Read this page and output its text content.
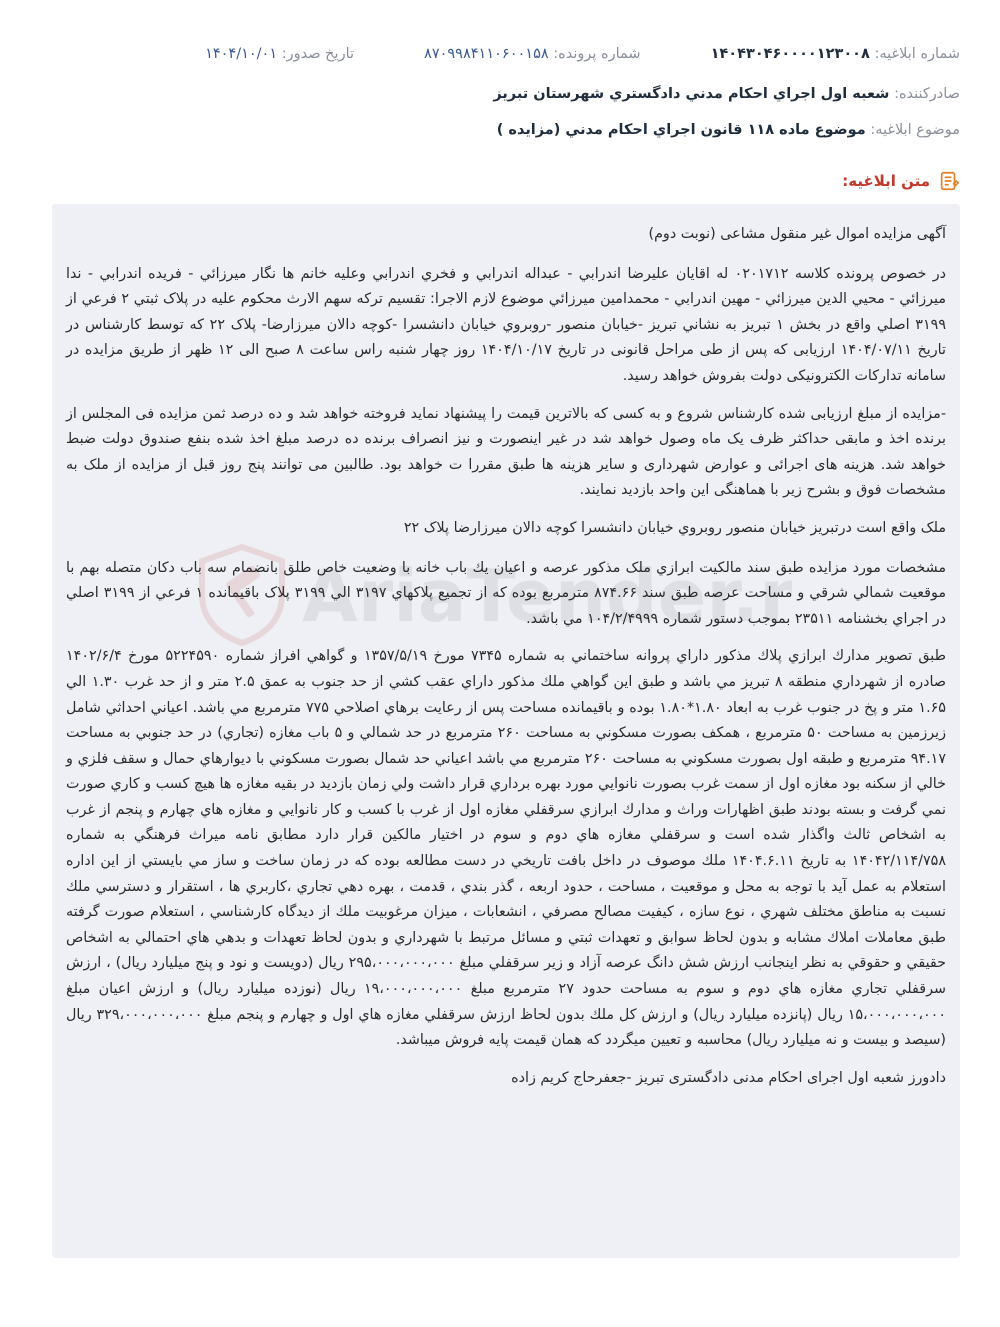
شماره ابلاغيه: ۱۴۰۴۳۰۴۶۰۰۰۰۱۲۳۰۰۸
شماره پرونده: ۸۷۰۹۹۸۴۱۱۰۶۰۰۱۵۸
تاريخ صدور: ۱۴۰۴/۱۰/۰۱
صادرکننده: شعبه اول اجراي احکام مدني دادگستري شهرستان تبريز
موضوع ابلاغيه: موضوع ماده ۱۱۸ قانون اجراي احکام مدني (مزايده )
متن ابلاغيه:
AriaTender.n

آگهی مزايده اموال غير منقول مشاعی (نوبت دوم)

در خصوص پرونده کلاسه ۰۲۰۱۷۱۲ له اقايان عليرضا اندرابي - عبداله اندرابي و فخري اندرابي وعليه خانم ها نگار ميرزائي - فريده اندرابي - ندا ميرزائي - محيي الدين ميرزائي - مهين اندرابي - محمدامين ميرزائي موضوع لازم الاجرا: تقسيم ترکه سهم الارث محکوم عليه در پلاک ثبتي ۲ فرعي از ۳۱۹۹ اصلي واقع در بخش ۱ تبريز به نشاني تبريز -خيابان منصور -روبروي خيابان دانشسرا -کوچه دالان ميرزارضا- پلاک ۲۲ که توسط کارشناس در تاريخ ۱۴۰۴/۰۷/۱۱ ارزيابی که پس از طی مراحل قانونی در تاريخ ۱۴۰۴/۱۰/۱۷ روز چهار شنبه راس ساعت ۸ صبح الی ۱۲ ظهر از طريق مزايده در سامانه تدارکات الکترونيکی دولت بفروش خواهد رسيد.

-مزايده از مبلغ ارزيابی شده کارشناس شروع و به کسی که بالاترين قيمت را پيشنهاد نمايد فروخته خواهد شد و ده درصد ثمن مزايده فی المجلس از برنده اخذ و مابقی حداکثر ظرف يک ماه وصول خواهد شد در غير اينصورت و نيز انصراف برنده ده درصد مبلغ اخذ شده بنفع صندوق دولت ضبط خواهد شد. هزينه های اجرائی و عوارض شهرداری و ساير هزينه ها طبق مقررا ت خواهد بود. طالبين می توانند پنج روز قبل از مزايده از ملک به مشخصات فوق و بشرح زير با هماهنگی اين واحد بازديد نمايند.

ملک واقع است درتبريز خيابان منصور روبروي خيابان دانشسرا کوچه دالان ميرزارضا پلاک ۲۲

مشخصات مورد مزايده طبق سند مالکيت ابرازي ملک مذکور عرصه و اعيان يك باب خانه با وضعيت خاص طلق بانضمام سه باب دکان متصله بهم با موقعيت شمالي شرقي و مساحت عرصه طبق سند ۸۷۴.۶۶ مترمربع بوده که از تجميع پلاکهاي ۳۱۹۷ الي ۳۱۹۹ پلاک باقيمانده ۱ فرعي از ۳۱۹۹ اصلي در اجراي بخشنامه ۲۳۵۱۱ بموجب دستور شماره ۱۰۴/۲/۴۹۹۹ مي باشد.

طبق تصوير مدارك ابرازي پلاك مذكور داراي پروانه ساختماني به شماره ۷۳۴۵ مورخ ۱۳۵۷/۵/۱۹ و گواهي افراز شماره ۵۲۲۴۵۹۰ مورخ ۱۴۰۲/۶/۴ صادره از شهرداري منطقه ۸ تبريز مي باشد و طبق اين گواهي ملك مذكور داراي عقب كشي از حد جنوب به عمق ۲.۵ متر و از حد غرب ۱.۳۰ الي ۱.۶۵ متر و پخ در جنوب غرب به ابعاد ۱.۸۰*۱.۸۰ بوده و باقيمانده مساحت پس از رعايت برهاي اصلاحي ۷۷۵ مترمربع مي باشد. اعياني احداثي شامل زيرزمين به مساحت ۵۰ مترمربع ، همكف بصورت مسكوني به مساحت ۲۶۰ مترمربع در حد شمالي و ۵ باب مغازه (تجاري) در حد جنوبي به مساحت ۹۴.۱۷ مترمربع و طبقه اول بصورت مسكوني به مساحت ۲۶۰ مترمربع مي باشد اعياني حد شمال بصورت مسكوني با ديوارهاي حمال و سقف فلزي و خالي از سكنه بود مغازه اول از سمت غرب بصورت نانوايي مورد بهره برداري قرار داشت ولي زمان بازديد در بقيه مغازه ها هيچ كسب و كاري صورت نمي گرفت و بسته بودند طبق اظهارات وراث و مدارك ابرازي سرقفلي مغازه اول از غرب با كسب و كار نانوايي و مغازه هاي چهارم و پنجم از غرب به اشخاص ثالث واگذار شده است و سرقفلي مغازه هاي دوم و سوم در اختيار مالكين قرار دارد مطابق نامه ميراث فرهنگي به شماره ۱۴۰۴۲/۱۱۴/۷۵۸ به تاريخ ۱۴۰۴.۶.۱۱ ملك موصوف در داخل بافت تاريخي در دست مطالعه بوده كه در زمان ساخت و ساز مي بايستي از اين اداره استعلام به عمل آيد با توجه به محل و موقعيت ، مساحت ، حدود اربعه ، گذر بندي ، قدمت ، بهره دهي تجاري ،كاربري ها ، استقرار و دسترسي ملك نسبت به مناطق مختلف شهري ، نوع سازه ، كيفيت مصالح مصرفي ، انشعابات ، ميزان مرغوبيت ملك از ديدگاه كارشناسي ، استعلام صورت گرفته طبق معاملات املاك مشابه و بدون لحاظ سوابق و تعهدات ثبتي و مسائل مرتبط با شهرداري و بدون لحاظ تعهدات و بدهي هاي احتمالي به اشخاص حقيقي و حقوقي به نظر اينجانب ارزش شش دانگ عرصه آزاد و زير سرقفلي مبلغ ۲۹۵،۰۰۰،۰۰۰،۰۰۰ ريال (دويست و نود و پنج ميليارد ريال) ، ارزش سرقفلي تجاري مغازه هاي دوم و سوم به مساحت حدود ۲۷ مترمربع مبلغ ۱۹،۰۰۰،۰۰۰،۰۰۰ ريال (نوزده ميليارد ريال) و ارزش اعيان مبلغ ۱۵،۰۰۰،۰۰۰،۰۰۰ ريال (پانزده ميليارد ريال) و ارزش كل ملك بدون لحاظ ارزش سرقفلي مغازه هاي اول و چهارم و پنجم مبلغ ۳۲۹،۰۰۰،۰۰۰،۰۰۰ ريال (سيصد و بيست و نه ميليارد ريال) محاسبه و تعيين ميگردد كه همان قيمت پايه فروش ميباشد.

دادورز شعبه اول اجرای احکام مدنی دادگستری تبريز -جعفرحاج کريم زاده
